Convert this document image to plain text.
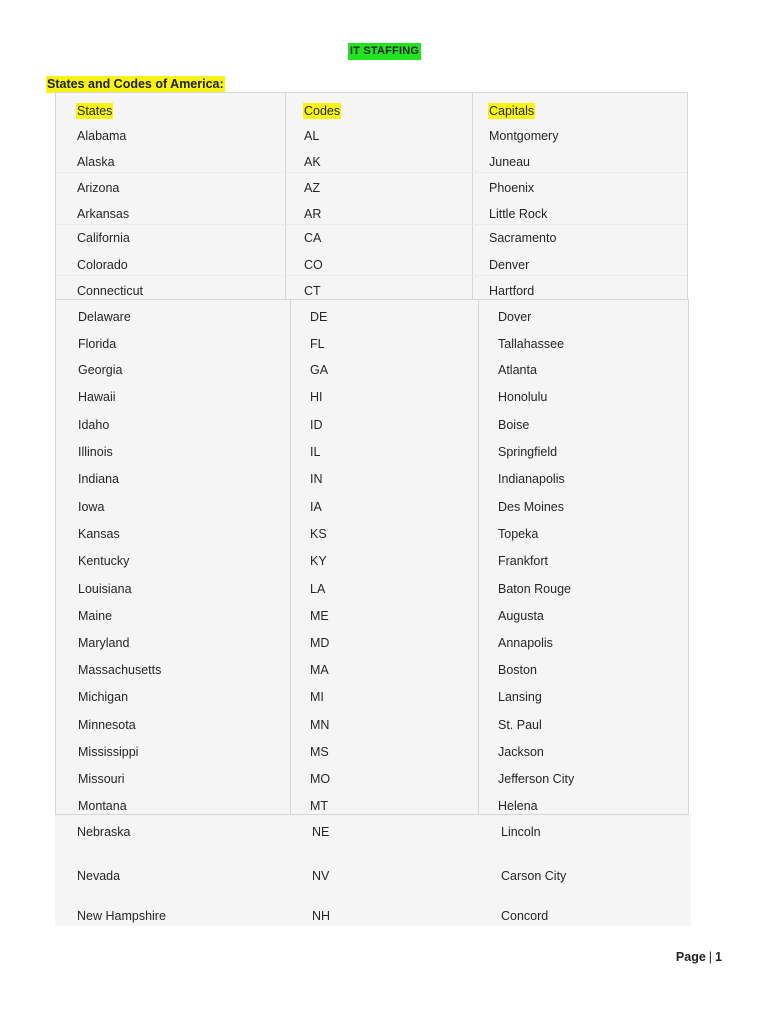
IT STAFFING
States and Codes of America:
States	Codes	Capitals
Alabama	AL	Montgomery
Alaska	AK	Juneau
Arizona	AZ	Phoenix
Arkansas	AR	Little Rock
California	CA	Sacramento
Colorado	CO	Denver
Connecticut	CT	Hartford
Delaware	DE	Dover
Florida	FL	Tallahassee
Georgia	GA	Atlanta
Hawaii	HI	Honolulu
Idaho	ID	Boise
Illinois	IL	Springfield
Indiana	IN	Indianapolis
Iowa	IA	Des Moines
Kansas	KS	Topeka
Kentucky	KY	Frankfort
Louisiana	LA	Baton Rouge
Maine	ME	Augusta
Maryland	MD	Annapolis
Massachusetts	MA	Boston
Michigan	MI	Lansing
Minnesota	MN	St. Paul
Mississippi	MS	Jackson
Missouri	MO	Jefferson City
Montana	MT	Helena
Nebraska	NE	Lincoln
Nevada	NV	Carson City
New Hampshire	NH	Concord
Page | 1
